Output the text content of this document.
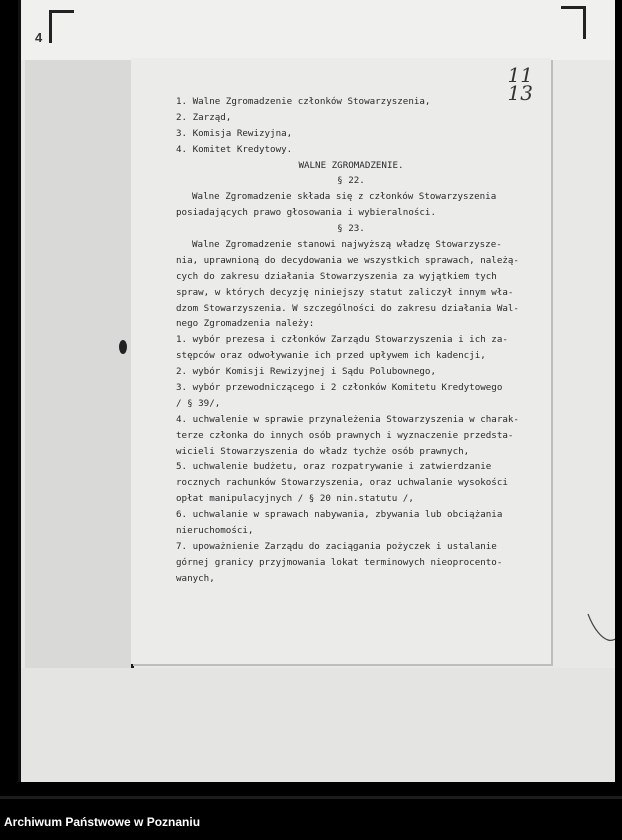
4
11
13
1. Walne Zgromadzenie członków Stowarzyszenia,
2. Zarząd,
3. Komisja Rewizyjna,
4. Komitet Kredytowy.
WALNE ZGROMADZENIE.
§ 22.
Walne Zgromadzenie składa się z członków Stowarzyszenia
posiadających prawo głosowania i wybieralności.
§ 23.
Walne Zgromadzenie stanowi najwyższą władzę Stowarzysze-
nia, uprawnioną do decydowania we wszystkich sprawach, należą-
cych do zakresu działania Stowarzyszenia za wyjątkiem tych
spraw, w których decyzję niniejszy statut zaliczył innym wła-
dzom Stowarzyszenia. W szczególności do zakresu działania Wal-
nego Zgromadzenia należy:
1. wybór prezesa i członków Zarządu Stowarzyszenia i ich za-
stępców oraz odwoływanie ich przed upływem ich kadencji,
2. wybór Komisji Rewizyjnej i Sądu Polubownego,
3. wybór przewodniczącego i 2 członków Komitetu Kredytowego
/ § 39/,
4. uchwalenie w sprawie przynależenia Stowarzyszenia w charak-
terze członka do innych osób prawnych i wyznaczenie przedsta-
wicieli Stowarzyszenia do władz tychże osób prawnych,
5. uchwalenie budżetu, oraz rozpatrywanie i zatwierdzanie
rocznych rachunków Stowarzyszenia, oraz uchwalanie wysokości
opłat manipulacyjnych / § 20 nin.statutu /,
6. uchwalanie w sprawach nabywania, zbywania lub obciążania
nieruchomości,
7. upoważnienie Zarządu do zaciągania pożyczek i ustalanie
górnej granicy przyjmowania lokat terminowych nieoprocento-
wanych,
Archiwum Państwowe w Poznaniu
